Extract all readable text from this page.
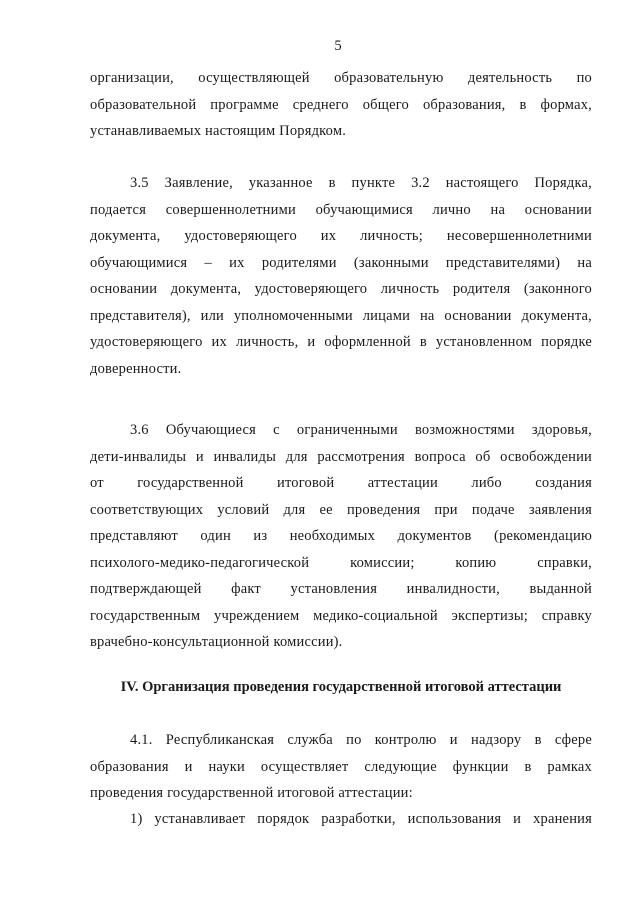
5
организации, осуществляющей образовательную деятельность по
образовательной программе среднего общего образования, в формах,
устанавливаемых настоящим Порядком.
3.5 Заявление, указанное в пункте 3.2 настоящего Порядка,
подается совершеннолетними обучающимися лично на основании
документа, удостоверяющего их личность; несовершеннолетними
обучающимися – их родителями (законными представителями) на
основании документа, удостоверяющего личность родителя (законного
представителя), или уполномоченными лицами на основании документа,
удостоверяющего их личность, и оформленной в установленном порядке
доверенности.
3.6 Обучающиеся с ограниченными возможностями здоровья,
дети-инвалиды и инвалиды для рассмотрения вопроса об освобождении
от государственной итоговой аттестации либо создания
соответствующих условий для ее проведения при подаче заявления
представляют один из необходимых документов (рекомендацию
психолого-медико-педагогической комиссии; копию справки,
подтверждающей факт установления инвалидности, выданной
государственным учреждением медико-социальной экспертизы; справку
врачебно-консультационной комиссии).
IV. Организация проведения государственной итоговой аттестации
4.1. Республиканская служба по контролю и надзору в сфере
образования и науки осуществляет следующие функции в рамках
проведения государственной итоговой аттестации:
1) устанавливает порядок разработки, использования и хранения
